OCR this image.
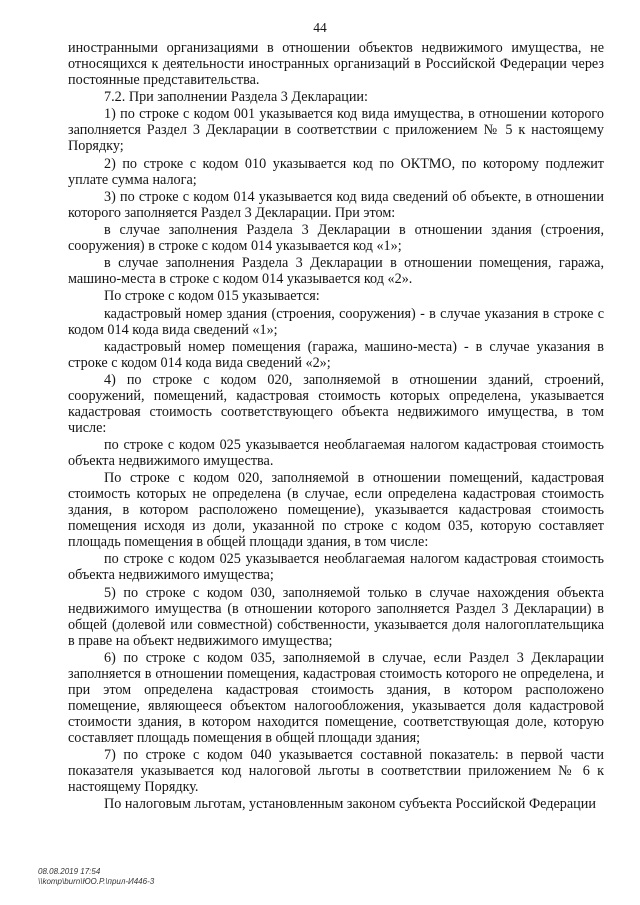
44

иностранными организациями в отношении объектов недвижимого имущества, не относящихся к деятельности иностранных организаций в Российской Федерации через постоянные представительства.

7.2. При заполнении Раздела 3 Декларации:

1) по строке с кодом 001 указывается код вида имущества, в отношении которого заполняется Раздел 3 Декларации в соответствии с приложением № 5 к настоящему Порядку;

2) по строке с кодом 010 указывается код по ОКТМО, по которому подлежит уплате сумма налога;

3) по строке с кодом 014 указывается код вида сведений об объекте, в отношении которого заполняется Раздел 3 Декларации. При этом:

в случае заполнения Раздела 3 Декларации в отношении здания (строения, сооружения) в строке с кодом 014 указывается код «1»;

в случае заполнения Раздела 3 Декларации в отношении помещения, гаража, машино-места в строке с кодом 014 указывается код «2».

По строке с кодом 015 указывается:

кадастровый номер здания (строения, сооружения) - в случае указания в строке с кодом 014 кода вида сведений «1»;

кадастровый номер помещения (гаража, машино-места) - в случае указания в строке с кодом 014 кода вида сведений «2»;

4) по строке с кодом 020, заполняемой в отношении зданий, строений, сооружений, помещений, кадастровая стоимость которых определена, указывается кадастровая стоимость соответствующего объекта недвижимого имущества, в том числе:

по строке с кодом 025 указывается необлагаемая налогом кадастровая стоимость объекта недвижимого имущества.

По строке с кодом 020, заполняемой в отношении помещений, кадастровая стоимость которых не определена (в случае, если определена кадастровая стоимость здания, в котором расположено помещение), указывается кадастровая стоимость помещения исходя из доли, указанной по строке с кодом 035, которую составляет площадь помещения в общей площади здания, в том числе:

по строке с кодом 025 указывается необлагаемая налогом кадастровая стоимость объекта недвижимого имущества;

5) по строке с кодом 030, заполняемой только в случае нахождения объекта недвижимого имущества (в отношении которого заполняется Раздел 3 Декларации) в общей (долевой или совместной) собственности, указывается доля налогоплательщика в праве на объект недвижимого имущества;

6) по строке с кодом 035, заполняемой в случае, если Раздел 3 Декларации заполняется в отношении помещения, кадастровая стоимость которого не определена, и при этом определена кадастровая стоимость здания, в котором расположено помещение, являющееся объектом налогообложения, указывается доля кадастровой стоимости здания, в котором находится помещение, соответствующая доле, которую составляет площадь помещения в общей площади здания;

7) по строке с кодом 040 указывается составной показатель: в первой части показателя указывается код налоговой льготы в соответствии приложением № 6 к настоящему Порядку.

По налоговым льготам, установленным законом субъекта Российской Федерации

08.08.2019 17:54
\\komp\burn\ЮО.Р.\прил-И446-3
